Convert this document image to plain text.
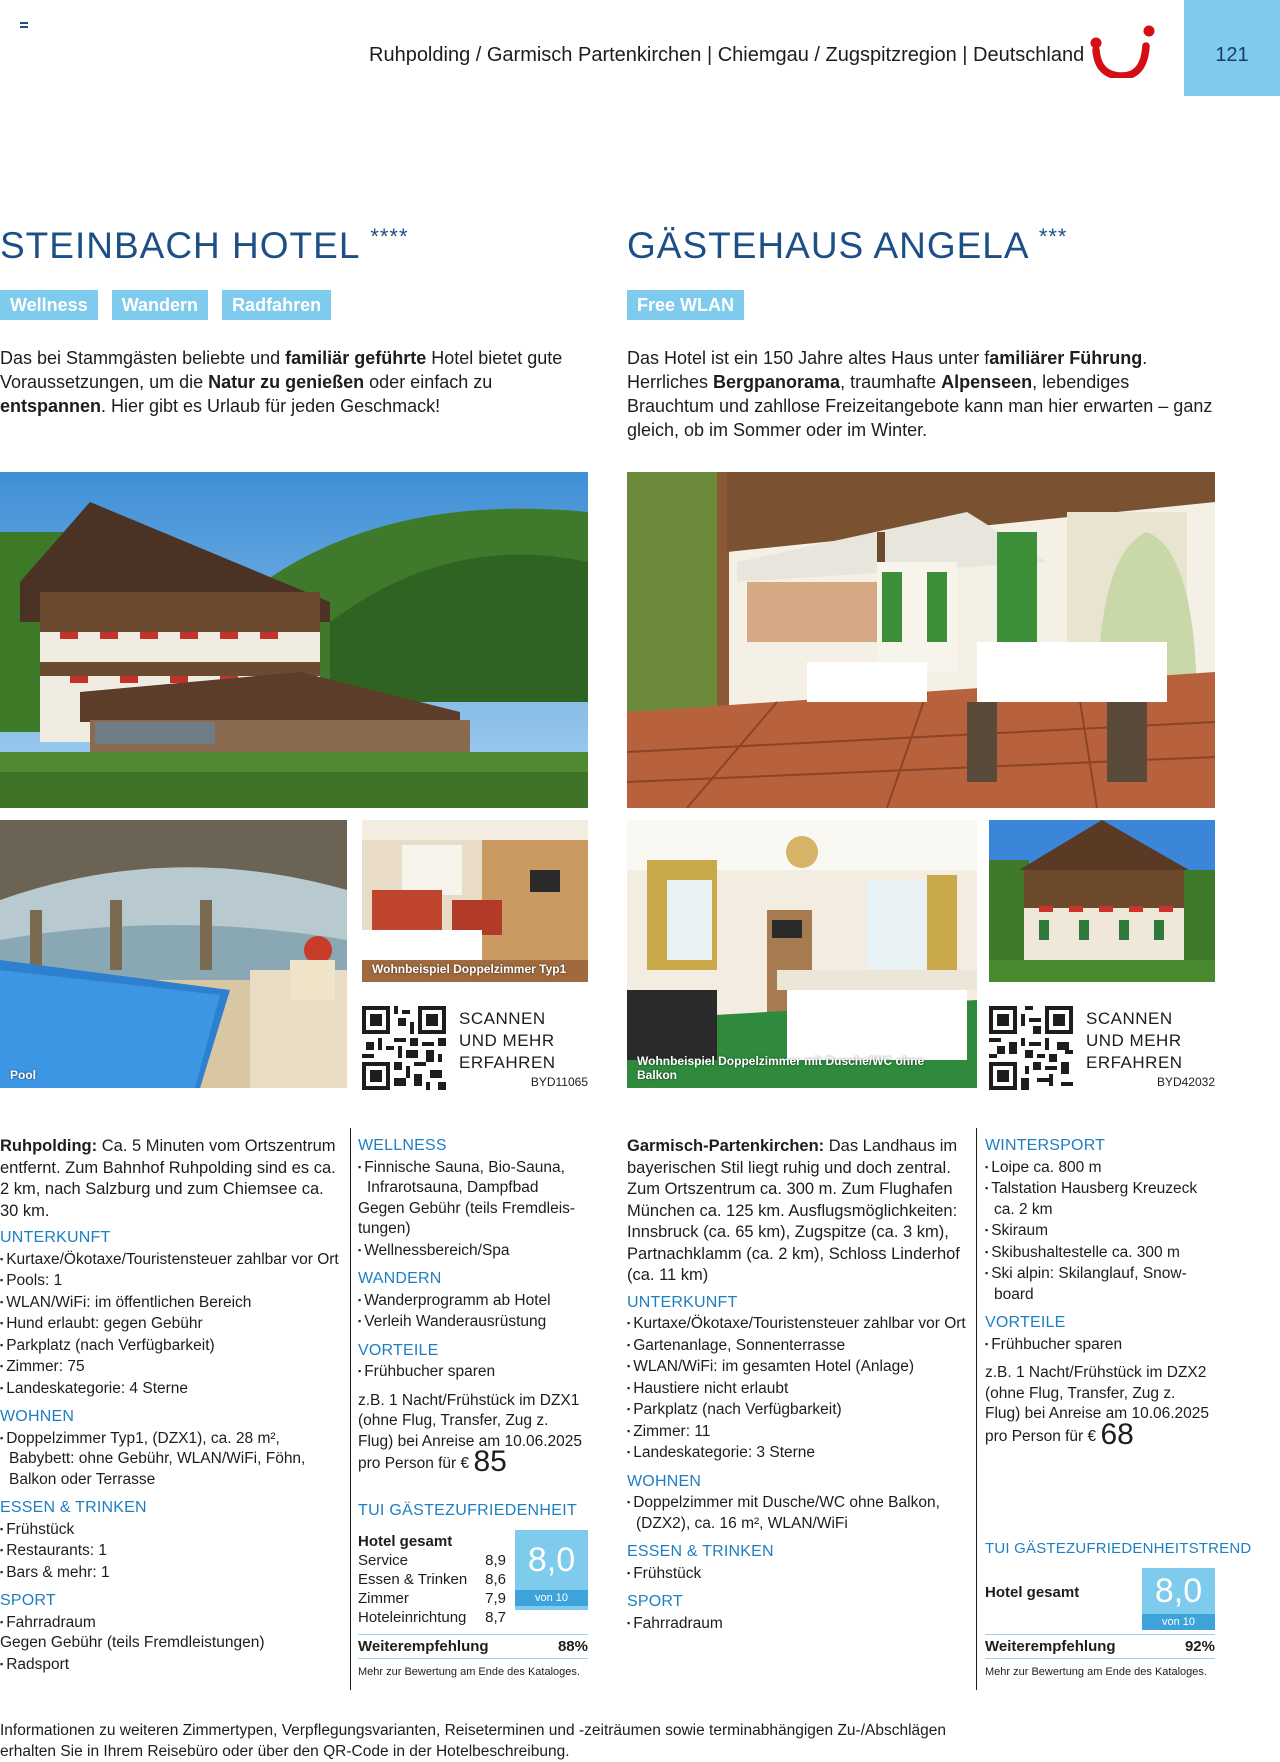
Ruhpolding / Garmisch Partenkirchen | Chiemgau / Zugspitzregion | Deutschland	121
STEINBACH HOTEL ****
Wellness Wandern Radfahren
Das bei Stammgästen beliebte und familiär geführte Hotel bietet gute Voraussetzungen, um die Natur zu genießen oder einfach zu entspannen. Hier gibt es Urlaub für jeden Geschmack!
GÄSTEHAUS ANGELA ***
Free WLAN
Das Hotel ist ein 150 Jahre altes Haus unter familiärer Führung. Herrliches Bergpanorama, traumhafte Alpenseen, lebendiges Brauchtum und zahllose Freizeitangebote kann man hier erwarten – ganz gleich, ob im Sommer oder im Winter.
Pool
Wohnbeispiel Doppelzimmer Typ1
Wohnbeispiel Doppelzimmer mit Dusche/WC ohne Balkon
SCANNEN
UND MEHR
ERFAHREN
BYD11065
SCANNEN
UND MEHR
ERFAHREN
BYD42032
Ruhpolding: Ca. 5 Minuten vom Ortszentrum entfernt. Zum Bahnhof Ruhpolding sind es ca. 2 km, nach Salzburg und zum Chiemsee ca. 30 km.
UNTERKUNFT
▪ Kurtaxe/Ökotaxe/Touristensteuer zahlbar vor Ort
▪ Pools: 1
▪ WLAN/WiFi: im öffentlichen Bereich
▪ Hund erlaubt: gegen Gebühr
▪ Parkplatz (nach Verfügbarkeit)
▪ Zimmer: 75
▪ Landeskategorie: 4 Sterne
WOHNEN
▪ Doppelzimmer Typ1, (DZX1), ca. 28 m², Babybett: ohne Gebühr, WLAN/WiFi, Föhn, Balkon oder Terrasse
ESSEN & TRINKEN
▪ Frühstück
▪ Restaurants: 1
▪ Bars & mehr: 1
SPORT
▪ Fahrradraum
Gegen Gebühr (teils Fremdleistungen)
▪ Radsport
WELLNESS
▪ Finnische Sauna, Bio-Sauna, Infrarotsauna, Dampfbad
Gegen Gebühr (teils Fremdleis-tungen)
▪ Wellnessbereich/Spa
WANDERN
▪ Wanderprogramm ab Hotel
▪ Verleih Wanderausrüstung
VORTEILE
▪ Frühbucher sparen
z.B. 1 Nacht/Frühstück im DZX1 (ohne Flug, Transfer, Zug z. Flug) bei Anreise am 10.06.2025
pro Person für € 85
TUI GÄSTEZUFRIEDENHEIT
Hotel gesamt
Service	8,9
Essen & Trinken 8,6
Zimmer	7,9
Hoteleinrichtung 8,7
8,0
von 10
Weiterempfehlung	88%
Mehr zur Bewertung am Ende des Kataloges.
Garmisch-Partenkirchen: Das Landhaus im bayerischen Stil liegt ruhig und doch zentral. Zum Ortszentrum ca. 300 m. Zum Flughafen München ca. 125 km. Ausflugsmöglichkeiten: Innsbruck (ca. 65 km), Zugspitze (ca. 3 km), Partnachklamm (ca. 2 km), Schloss Linderhof (ca. 11 km)
UNTERKUNFT
▪ Kurtaxe/Ökotaxe/Touristensteuer zahlbar vor Ort
▪ Gartenanlage, Sonnenterrasse
▪ WLAN/WiFi: im gesamten Hotel (Anlage)
▪ Haustiere nicht erlaubt
▪ Parkplatz (nach Verfügbarkeit)
▪ Zimmer: 11
▪ Landeskategorie: 3 Sterne
WOHNEN
▪ Doppelzimmer mit Dusche/WC ohne Balkon, (DZX2), ca. 16 m², WLAN/WiFi
ESSEN & TRINKEN
▪ Frühstück
SPORT
▪ Fahrradraum
WINTERSPORT
▪ Loipe ca. 800 m
▪ Talstation Hausberg Kreuzeck ca. 2 km
▪ Skiraum
▪ Skibushaltestelle ca. 300 m
▪ Ski alpin: Skilanglauf, Snow-board
VORTEILE
▪ Frühbucher sparen
z.B. 1 Nacht/Frühstück im DZX2 (ohne Flug, Transfer, Zug z. Flug) bei Anreise am 10.06.2025
pro Person für € 68
TUI GÄSTEZUFRIEDENHEITSTREND
Hotel gesamt	8,0
von 10
Weiterempfehlung	92%
Mehr zur Bewertung am Ende des Kataloges.
Informationen zu weiteren Zimmertypen, Verpflegungsvarianten, Reiseterminen und -zeiträumen sowie terminabhängigen Zu-/Abschlägen erhalten Sie in Ihrem Reisebüro oder über den QR-Code in der Hotelbeschreibung.
